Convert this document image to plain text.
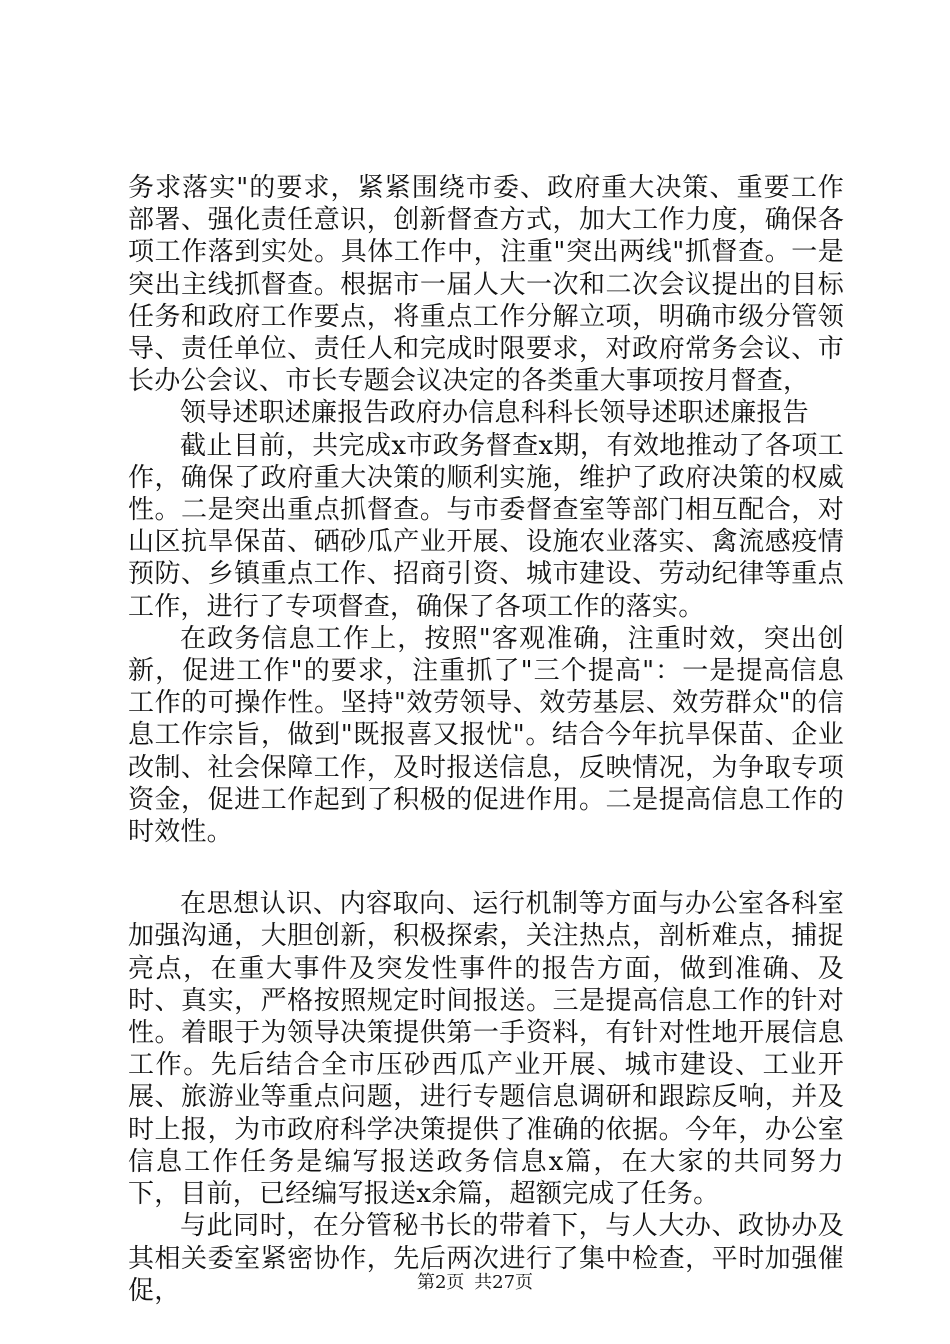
务求落实"的要求，紧紧围绕市委、政府重大决策、重要工作部署、强化责任意识，创新督查方式，加大工作力度，确保各项工作落到实处。具体工作中，注重"突出两线"抓督查。一是突出主线抓督查。根据市一届人大一次和二次会议提出的目标任务和政府工作要点，将重点工作分解立项，明确市级分管领导、责任单位、责任人和完成时限要求，对政府常务会议、市长办公会议、市长专题会议决定的各类重大事项按月督查，

领导述职述廉报告政府办信息科科长领导述职述廉报告

截止目前，共完成x市政务督查x期，有效地推动了各项工作，确保了政府重大决策的顺利实施，维护了政府决策的权威性。二是突出重点抓督查。与市委督查室等部门相互配合，对山区抗旱保苗、硒砂瓜产业开展、设施农业落实、禽流感疫情预防、乡镇重点工作、招商引资、城市建设、劳动纪律等重点工作，进行了专项督查，确保了各项工作的落实。

在政务信息工作上，按照"客观准确，注重时效，突出创新，促进工作"的要求，注重抓了"三个提高"：一是提高信息工作的可操作性。坚持"效劳领导、效劳基层、效劳群众"的信息工作宗旨，做到"既报喜又报忧"。结合今年抗旱保苗、企业改制、社会保障工作，及时报送信息，反映情况，为争取专项资金，促进工作起到了积极的促进作用。二是提高信息工作的时效性。

在思想认识、内容取向、运行机制等方面与办公室各科室加强沟通，大胆创新，积极探索，关注热点，剖析难点，捕捉亮点，在重大事件及突发性事件的报告方面，做到准确、及时、真实，严格按照规定时间报送。三是提高信息工作的针对性。着眼于为领导决策提供第一手资料，有针对性地开展信息工作。先后结合全市压砂西瓜产业开展、城市建设、工业开展、旅游业等重点问题，进行专题信息调研和跟踪反响，并及时上报，为市政府科学决策提供了准确的依据。今年，办公室信息工作任务是编写报送政务信息x篇，在大家的共同努力下，目前，已经编写报送x余篇，超额完成了任务。

与此同时，在分管秘书长的带着下，与人大办、政协办及其相关委室紧密协作，先后两次进行了集中检查，平时加强催促，	第2页 共27页
